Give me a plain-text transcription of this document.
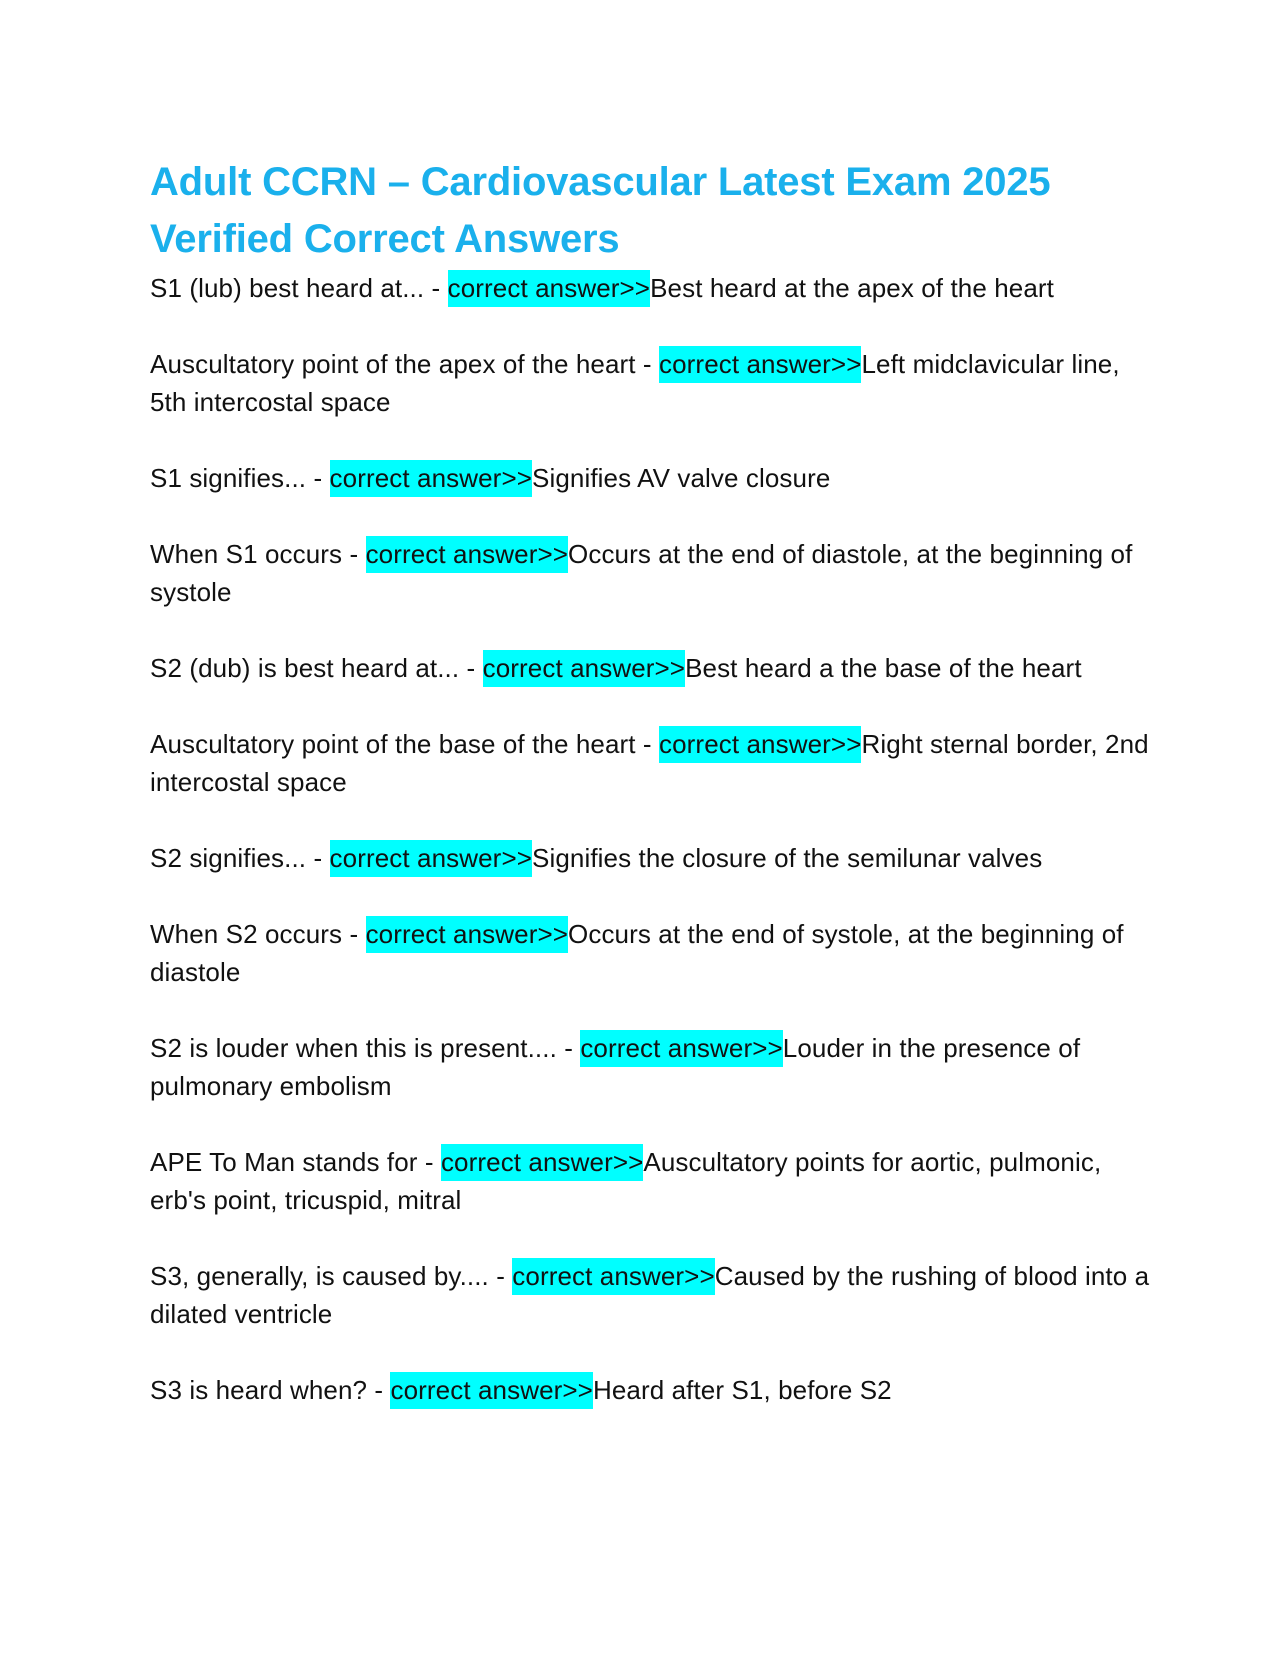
Adult CCRN – Cardiovascular Latest Exam 2025
Verified Correct Answers

S1 (lub) best heard at... - correct answer>>Best heard at the apex of the heart

Auscultatory point of the apex of the heart - correct answer>>Left midclavicular line, 5th intercostal space

S1 signifies... - correct answer>>Signifies AV valve closure

When S1 occurs - correct answer>>Occurs at the end of diastole, at the beginning of systole

S2 (dub) is best heard at... - correct answer>>Best heard a the base of the heart

Auscultatory point of the base of the heart - correct answer>>Right sternal border, 2nd intercostal space

S2 signifies... - correct answer>>Signifies the closure of the semilunar valves

When S2 occurs - correct answer>>Occurs at the end of systole, at the beginning of diastole

S2 is louder when this is present.... - correct answer>>Louder in the presence of pulmonary embolism

APE To Man stands for - correct answer>>Auscultatory points for aortic, pulmonic, erb's point, tricuspid, mitral

S3, generally, is caused by.... - correct answer>>Caused by the rushing of blood into a dilated ventricle

S3 is heard when? - correct answer>>Heard after S1, before S2
